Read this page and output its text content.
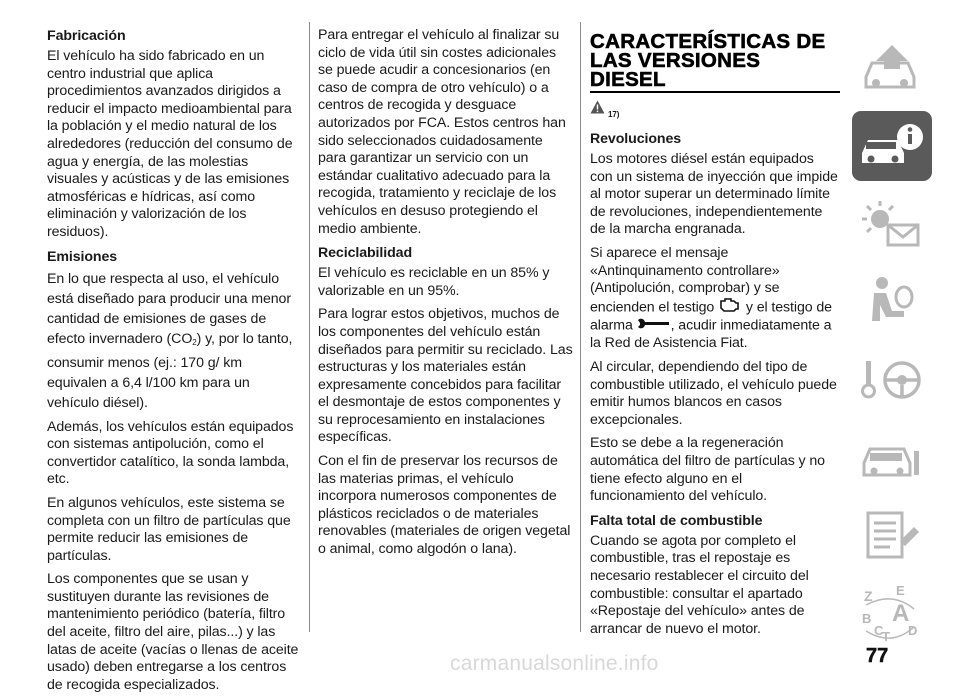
Fabricación

El vehículo ha sido fabricado en un centro industrial que aplica procedimientos avanzados dirigidos a reducir el impacto medioambiental para la población y el medio natural de los alrededores (reducción del consumo de agua y energía, de las molestias visuales y acústicas y de las emisiones atmosféricas e hídricas, así como eliminación y valorización de los residuos).

Emisiones

En lo que respecta al uso, el vehículo está diseñado para producir una menor cantidad de emisiones de gases de efecto invernadero (CO2) y, por lo tanto, consumir menos (ej.: 170 g/ km equivalen a 6,4 l/100 km para un vehículo diésel).

Además, los vehículos están equipados con sistemas antipolución, como el convertidor catalítico, la sonda lambda, etc.

En algunos vehículos, este sistema se completa con un filtro de partículas que permite reducir las emisiones de partículas.

Los componentes que se usan y sustituyen durante las revisiones de mantenimiento periódico (batería, filtro del aceite, filtro del aire, pilas...) y las latas de aceite (vacías o llenas de aceite usado) deben entregarse a los centros de recogida especializados.

Para entregar el vehículo al finalizar su ciclo de vida útil sin costes adicionales se puede acudir a concesionarios (en caso de compra de otro vehículo) o a centros de recogida y desguace autorizados por FCA. Estos centros han sido seleccionados cuidadosamente para garantizar un servicio con un estándar cualitativo adecuado para la recogida, tratamiento y reciclaje de los vehículos en desuso protegiendo el medio ambiente.

Reciclabilidad

El vehículo es reciclable en un 85% y valorizable en un 95%.

Para lograr estos objetivos, muchos de los componentes del vehículo están diseñados para permitir su reciclado. Las estructuras y los materiales están expresamente concebidos para facilitar el desmontaje de estos componentes y su reprocesamiento en instalaciones específicas.

Con el fin de preservar los recursos de las materias primas, el vehículo incorpora numerosos componentes de plásticos reciclados o de materiales renovables (materiales de origen vegetal o animal, como algodón o lana).

CARACTERÍSTICAS DE LAS VERSIONES DIESEL
17)
Revoluciones

Los motores diésel están equipados con un sistema de inyección que impide al motor superar un determinado límite de revoluciones, independientemente de la marcha engranada.

Si aparece el mensaje «Antinquinamento controllare» (Antipolución, comprobar) y se encienden el testigo y el testigo de alarma	, acudir inmediatamente a la Red de Asistencia Fiat.

Al circular, dependiendo del tipo de combustible utilizado, el vehículo puede emitir humos blancos en casos excepcionales.

Esto se debe a la regeneración automática del filtro de partículas y no tiene efecto alguno en el funcionamiento del vehículo.

Falta total de combustible

Cuando se agota por completo el combustible, tras el repostaje es necesario restablecer el circuito del combustible: consultar el apartado «Repostaje del vehículo» antes de arrancar de nuevo el motor.

Z E
B A
C
T D
carmanualsonline.info	77
